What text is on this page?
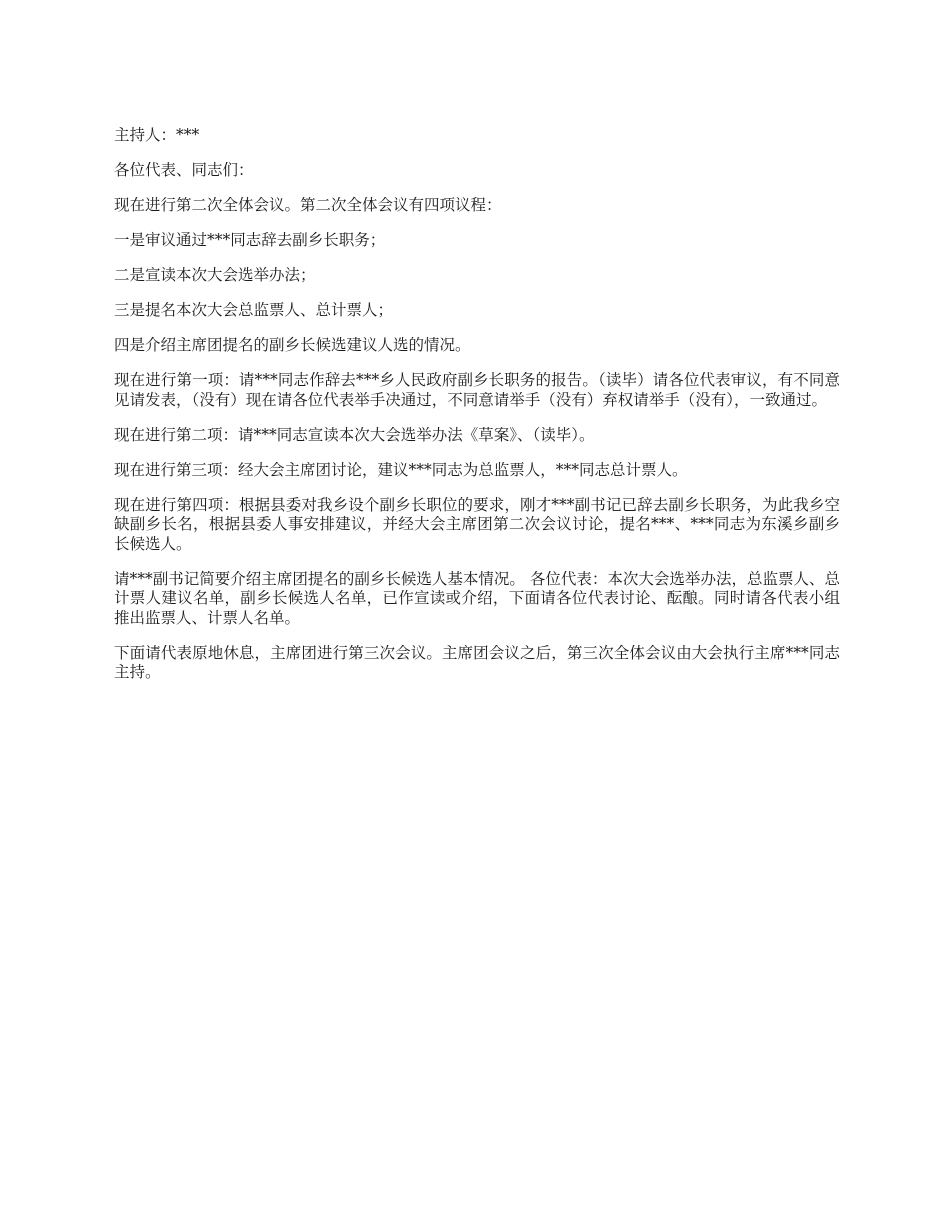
主持人：***

各位代表、同志们：

现在进行第二次全体会议。第二次全体会议有四项议程：

一是审议通过***同志辞去副乡长职务；

二是宣读本次大会选举办法；

三是提名本次大会总监票人、总计票人；

四是介绍主席团提名的副乡长候选建议人选的情况。

现在进行第一项：请***同志作辞去***乡人民政府副乡长职务的报告。（读毕）请各位代表审议，有不同意见请发表，（没有）现在请各位代表举手决通过，不同意请举手（没有）弃权请举手（没有），一致通过。

现在进行第二项：请***同志宣读本次大会选举办法《草案》、（读毕）。

现在进行第三项：经大会主席团讨论，建议***同志为总监票人，***同志总计票人。

现在进行第四项：根据县委对我乡设个副乡长职位的要求，刚才***副书记已辞去副乡长职务，为此我乡空缺副乡长名，根据县委人事安排建议，并经大会主席团第二次会议讨论，提名***、***同志为东溪乡副乡长候选人。

请***副书记简要介绍主席团提名的副乡长候选人基本情况。 各位代表：本次大会选举办法，总监票人、总计票人建议名单，副乡长候选人名单，已作宣读或介绍，下面请各位代表讨论、酝酿。同时请各代表小组推出监票人、计票人名单。

下面请代表原地休息，主席团进行第三次会议。主席团会议之后，第三次全体会议由大会执行主席***同志主持。
